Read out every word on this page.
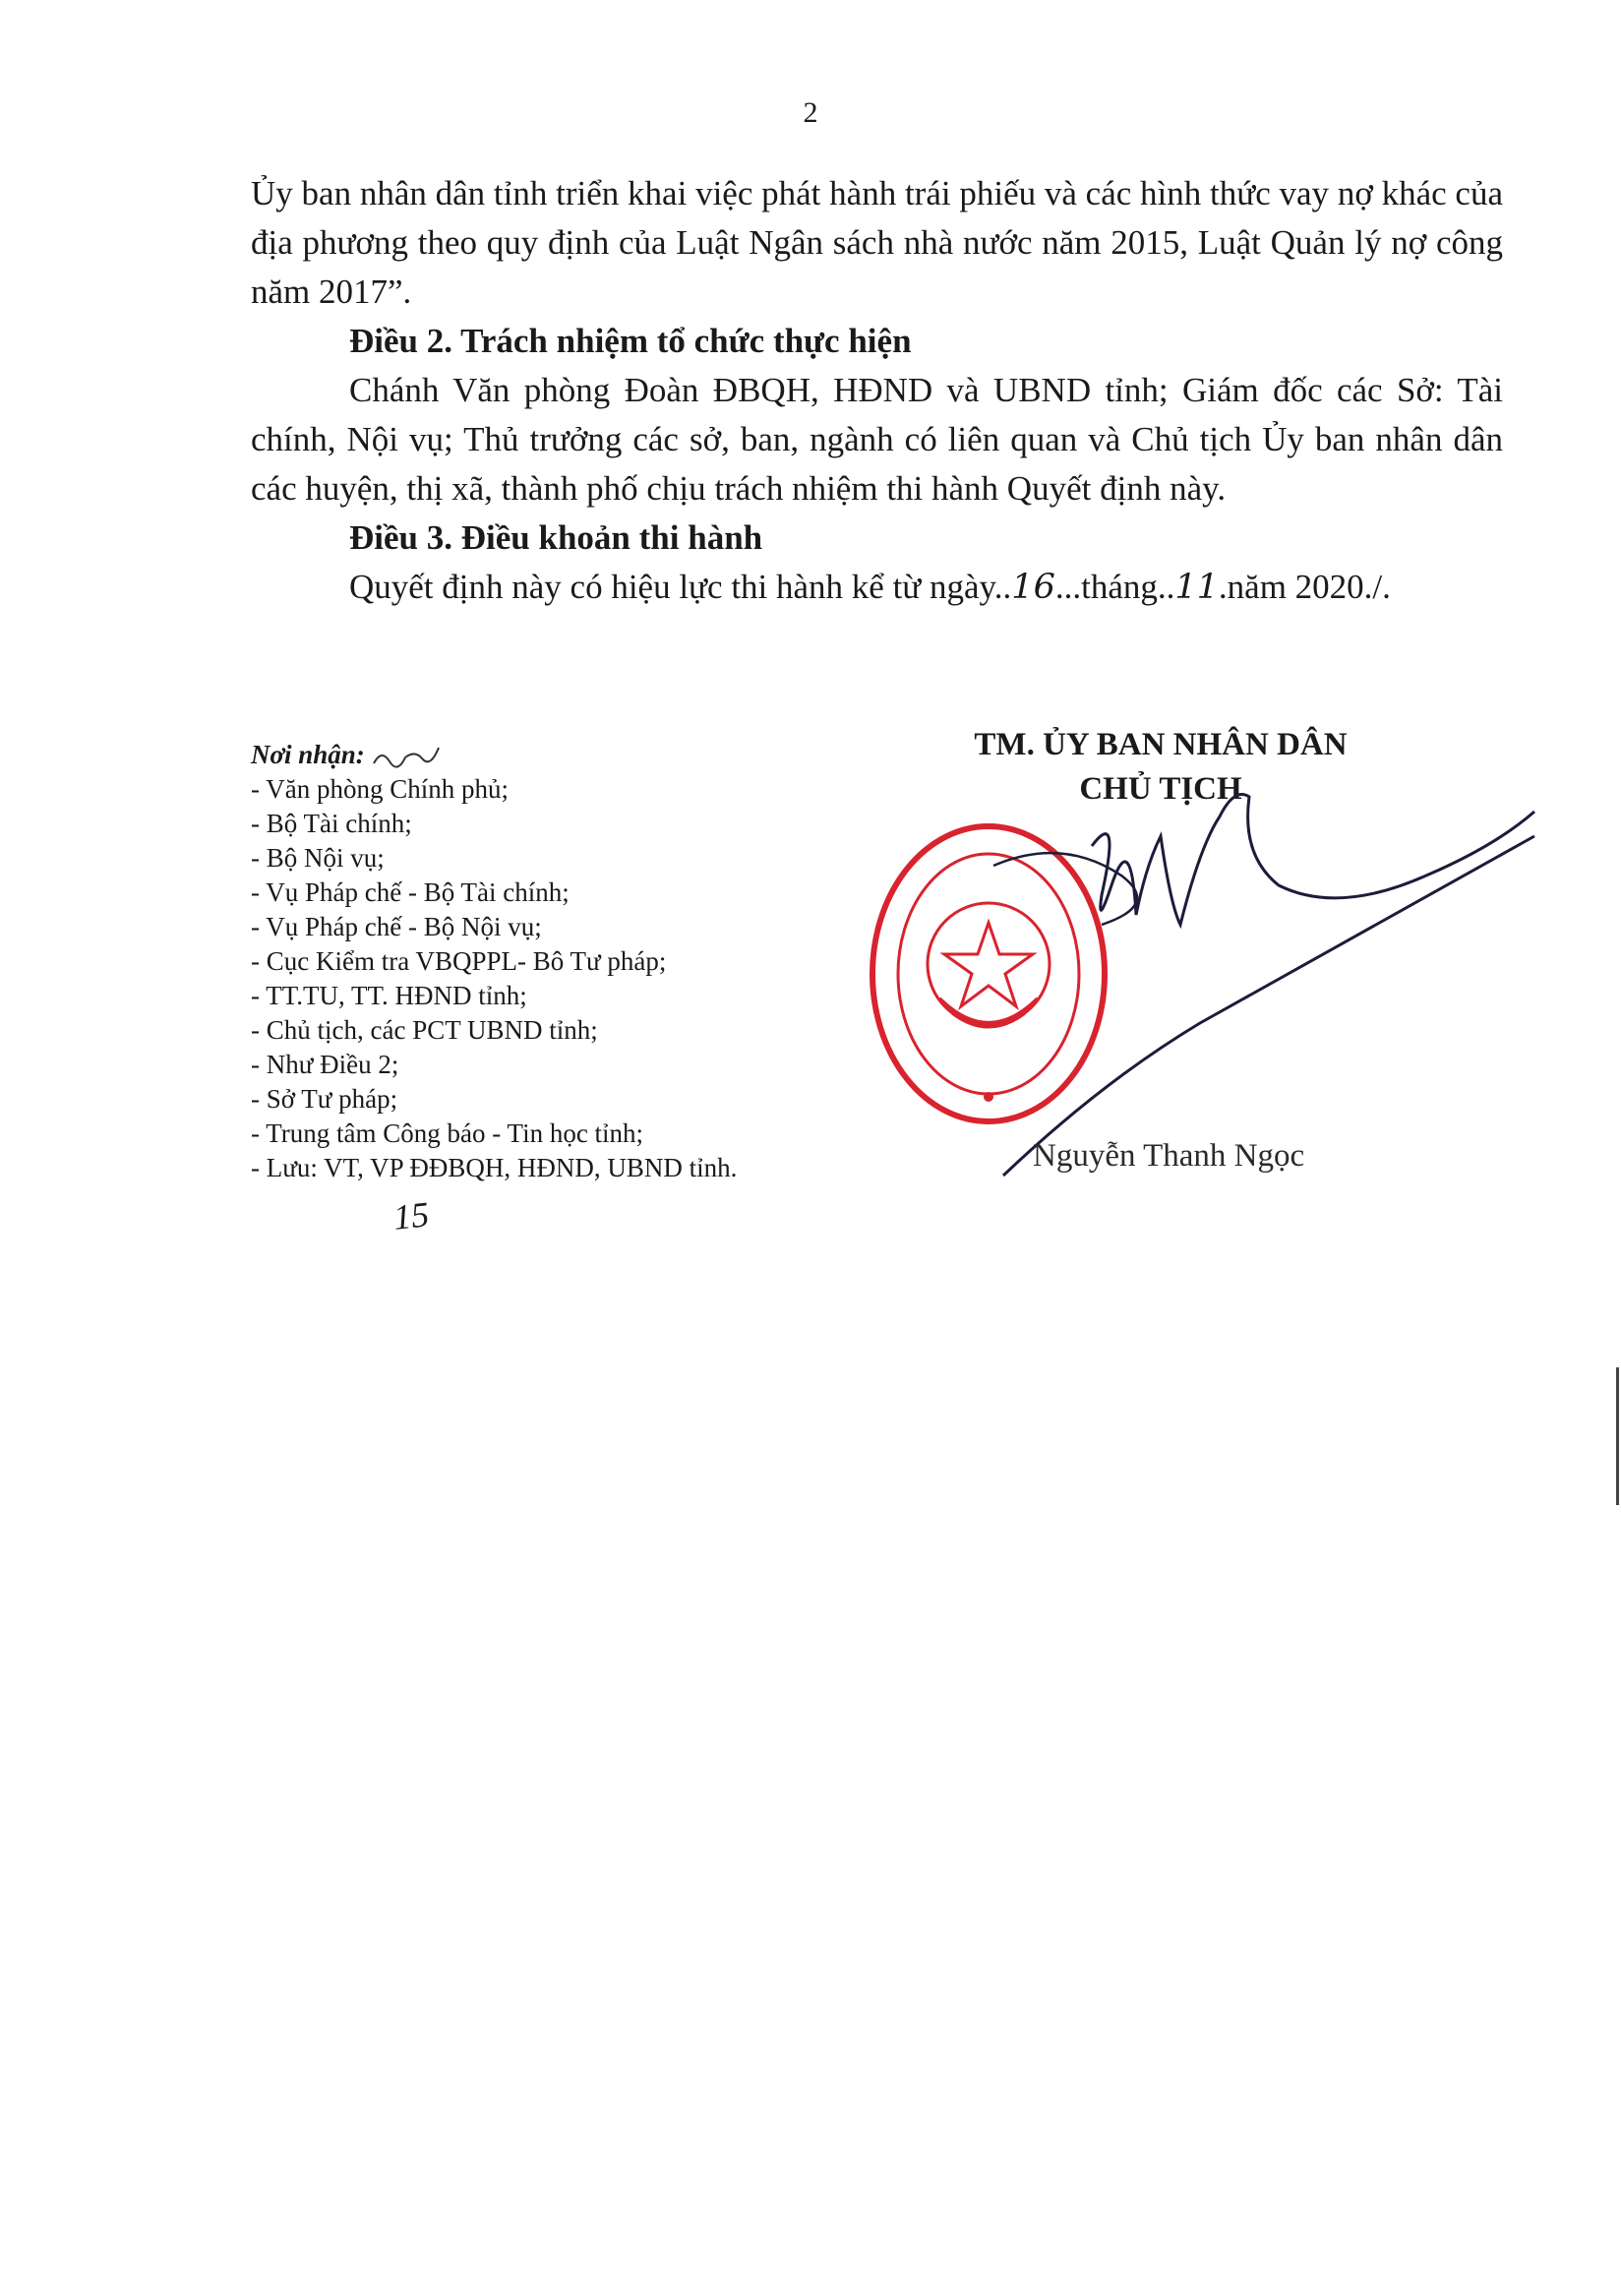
2

Ủy ban nhân dân tỉnh triển khai việc phát hành trái phiếu và các hình thức vay nợ khác của địa phương theo quy định của Luật Ngân sách nhà nước năm 2015, Luật Quản lý nợ công năm 2017”.

Điều 2. Trách nhiệm tổ chức thực hiện

Chánh Văn phòng Đoàn ĐBQH, HĐND và UBND tỉnh; Giám đốc các Sở: Tài chính, Nội vụ; Thủ trưởng các sở, ban, ngành có liên quan và Chủ tịch Ủy ban nhân dân các huyện, thị xã, thành phố chịu trách nhiệm thi hành Quyết định này.

Điều 3. Điều khoản thi hành

Quyết định này có hiệu lực thi hành kể từ ngày..16...tháng..11.năm 2020./.

Nơi nhận:
- Văn phòng Chính phủ;
- Bộ Tài chính;
- Bộ Nội vụ;
- Vụ Pháp chế - Bộ Tài chính;
- Vụ Pháp chế - Bộ Nội vụ;
- Cục Kiểm tra VBQPPL- Bô Tư pháp;
- TT.TU, TT. HĐND tỉnh;
- Chủ tịch, các PCT UBND tỉnh;
- Như Điều 2;
- Sở Tư pháp;
- Trung tâm Công báo - Tin học tỉnh;
- Lưu: VT, VP ĐĐBQH, HĐND, UBND tỉnh.
15
TM. ỦY BAN NHÂN DÂN
CHỦ TỊCH
Nguyễn Thanh Ngọc
